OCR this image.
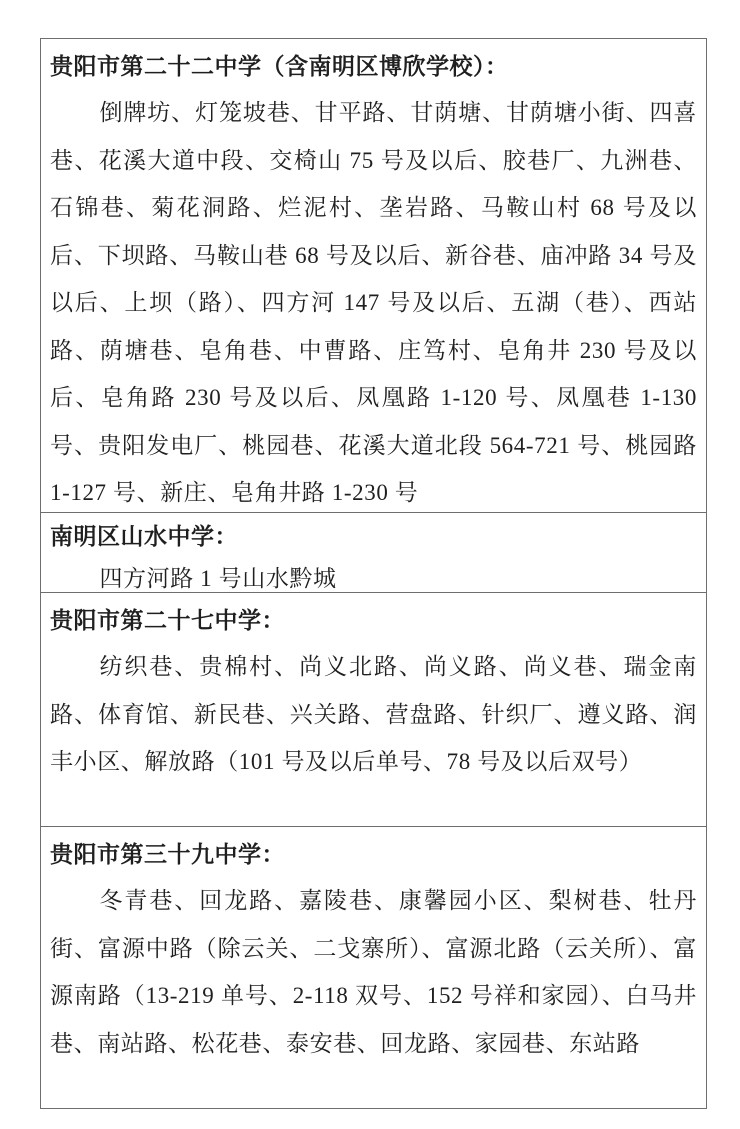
贵阳市第二十二中学（含南明区博欣学校）：

倒牌坊、灯笼坡巷、甘平路、甘荫塘、甘荫塘小街、四喜巷、花溪大道中段、交椅山 75 号及以后、胶巷厂、九洲巷、石锦巷、菊花洞路、烂泥村、垄岩路、马鞍山村 68 号及以后、下坝路、马鞍山巷 68 号及以后、新谷巷、庙冲路 34 号及以后、上坝（路）、四方河 147 号及以后、五湖（巷）、西站路、荫塘巷、皂角巷、中曹路、庄笃村、皂角井 230 号及以后、皂角路 230 号及以后、凤凰路 1-120 号、凤凰巷 1-130 号、贵阳发电厂、桃园巷、花溪大道北段 564-721 号、桃园路 1-127 号、新庄、皂角井路 1-230 号

南明区山水中学：

四方河路 1 号山水黔城

贵阳市第二十七中学：

纺织巷、贵棉村、尚义北路、尚义路、尚义巷、瑞金南路、体育馆、新民巷、兴关路、营盘路、针织厂、遵义路、润丰小区、解放路（101 号及以后单号、78 号及以后双号）

贵阳市第三十九中学：

冬青巷、回龙路、嘉陵巷、康馨园小区、梨树巷、牡丹街、富源中路（除云关、二戈寨所）、富源北路（云关所）、富源南路（13-219 单号、2-118 双号、152 号祥和家园）、白马井巷、南站路、松花巷、泰安巷、回龙路、家园巷、东站路
